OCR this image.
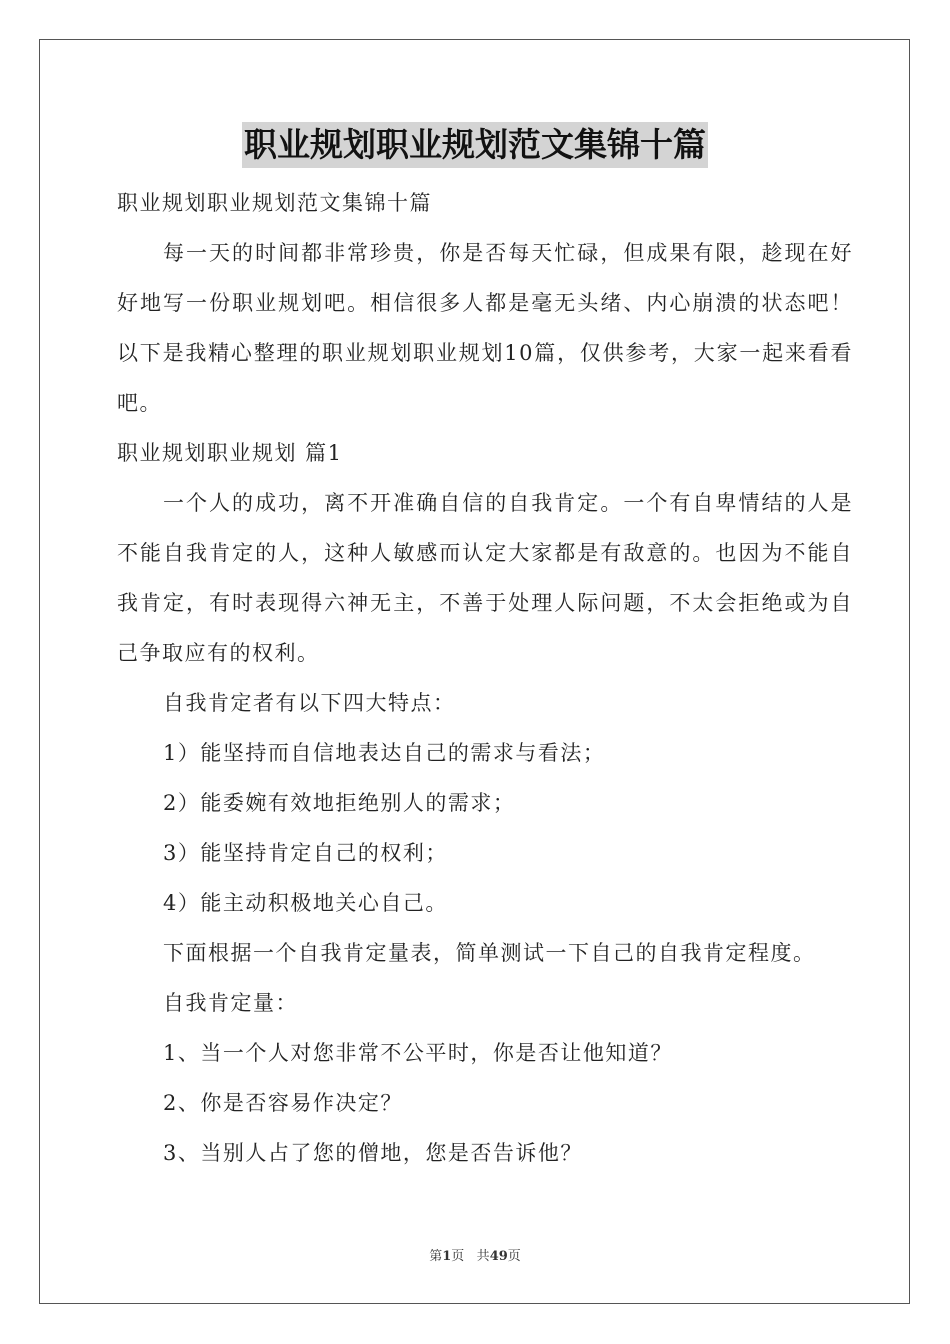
职业规划职业规划范文集锦十篇

职业规划职业规划范文集锦十篇

每一天的时间都非常珍贵，你是否每天忙碌，但成果有限，趁现在好好地写一份职业规划吧。相信很多人都是毫无头绪、内心崩溃的状态吧！以下是我精心整理的职业规划职业规划10篇，仅供参考，大家一起来看看吧。

职业规划职业规划 篇1

一个人的成功，离不开准确自信的自我肯定。一个有自卑情结的人是不能自我肯定的人，这种人敏感而认定大家都是有敌意的。也因为不能自我肯定，有时表现得六神无主，不善于处理人际问题，不太会拒绝或为自己争取应有的权利。

自我肯定者有以下四大特点：

1）能坚持而自信地表达自己的需求与看法；

2）能委婉有效地拒绝别人的需求；

3）能坚持肯定自己的权利；

4）能主动积极地关心自己。

下面根据一个自我肯定量表，简单测试一下自己的自我肯定程度。

自我肯定量：

1、当一个人对您非常不公平时，你是否让他知道？

2、你是否容易作决定？

3、当别人占了您的僧地，您是否告诉他？

第1页 共49页
